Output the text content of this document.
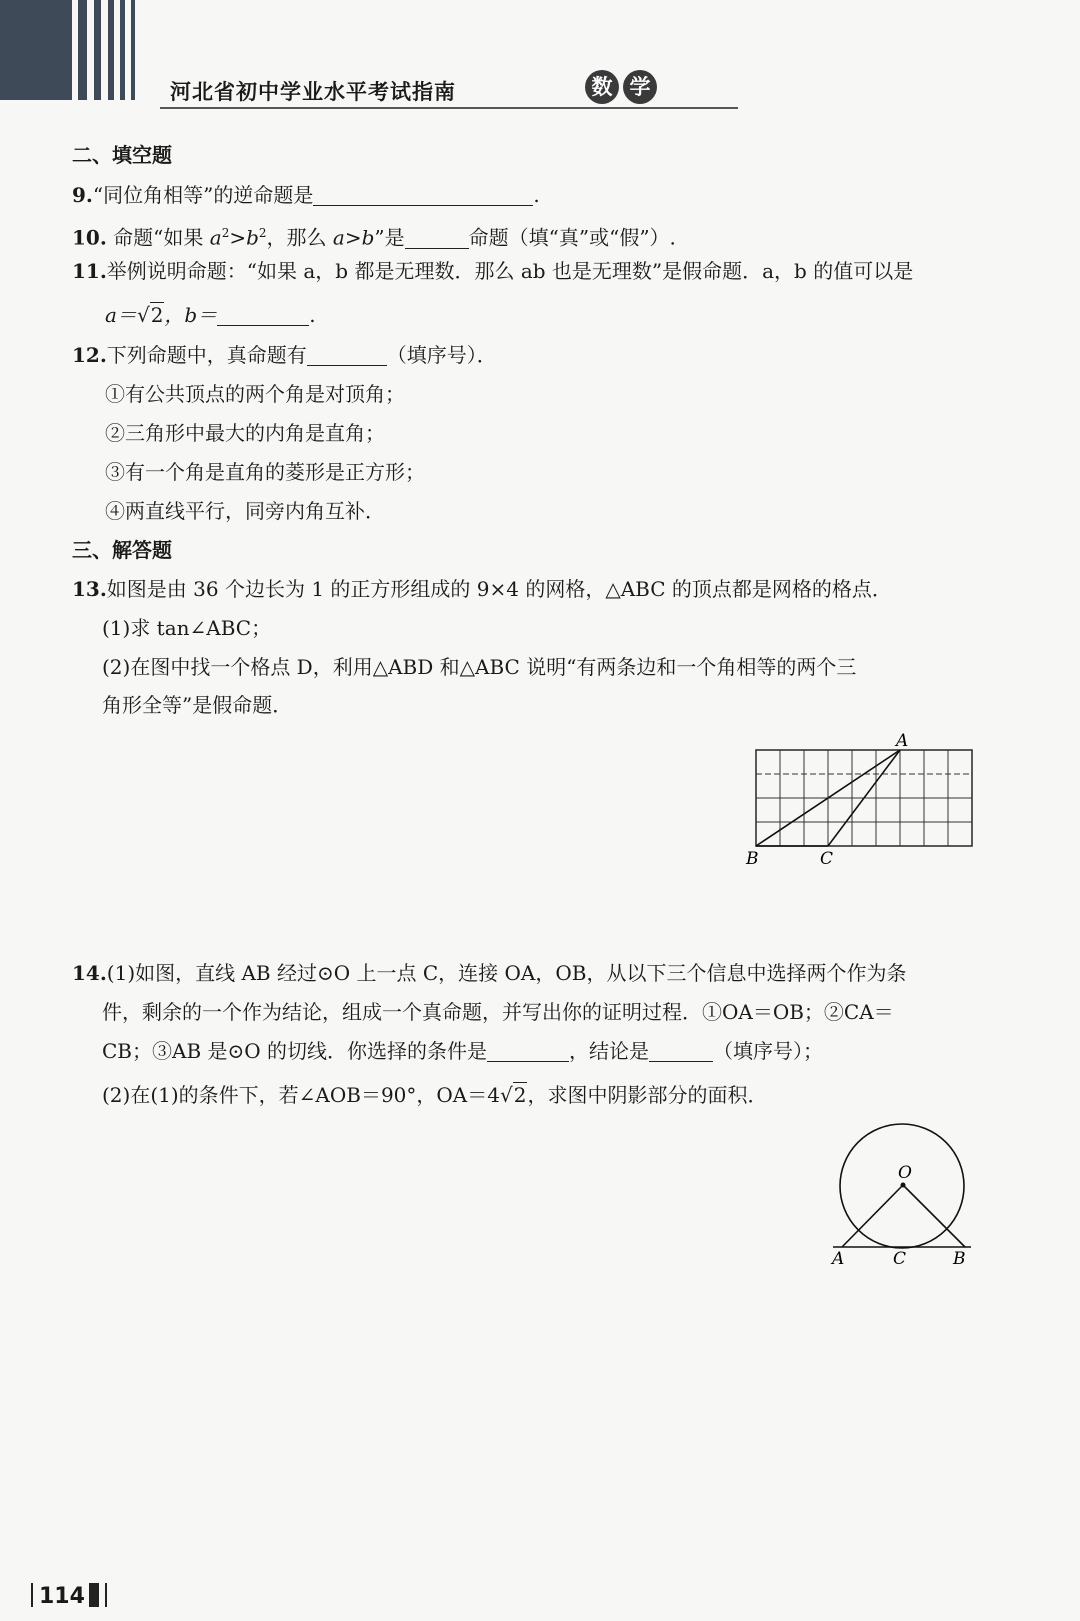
河北省初中学业水平考试指南	数 学
二、填空题
9.“同位角相等”的逆命题是	.
10. 命题“如果 $a^2>b^2$，那么 a>b”是	命题（填“真”或“假”）.
11.举例说明命题：“如果 a，b 都是无理数．那么 ab 也是无理数”是假命题．a，b 的值可以是
a＝√2，b＝	.
12.下列命题中，真命题有	（填序号）．
①有公共顶点的两个角是对顶角；
②三角形中最大的内角是直角；
③有一个角是直角的菱形是正方形；
④两直线平行，同旁内角互补．
三、解答题
13.如图是由 36 个边长为 1 的正方形组成的 9×4 的网格，△ABC 的顶点都是网格的格点．
(1)求 tan∠ABC；
(2)在图中找一个格点 D，利用△ABD 和△ABC 说明“有两条边和一个角相等的两个三
角形全等”是假命题．
A
B	C
14.(1)如图，直线 AB 经过⊙O 上一点 C，连接 OA，OB，从以下三个信息中选择两个作为条
件，剩余的一个作为结论，组成一个真命题，并写出你的证明过程．①OA＝OB；②CA＝
CB；③AB 是⊙O 的切线．你选择的条件是	，结论是	（填序号）；
(2)在(1)的条件下，若∠AOB＝90°，OA＝4√2，求图中阴影部分的面积．
O
A	C	B
114
